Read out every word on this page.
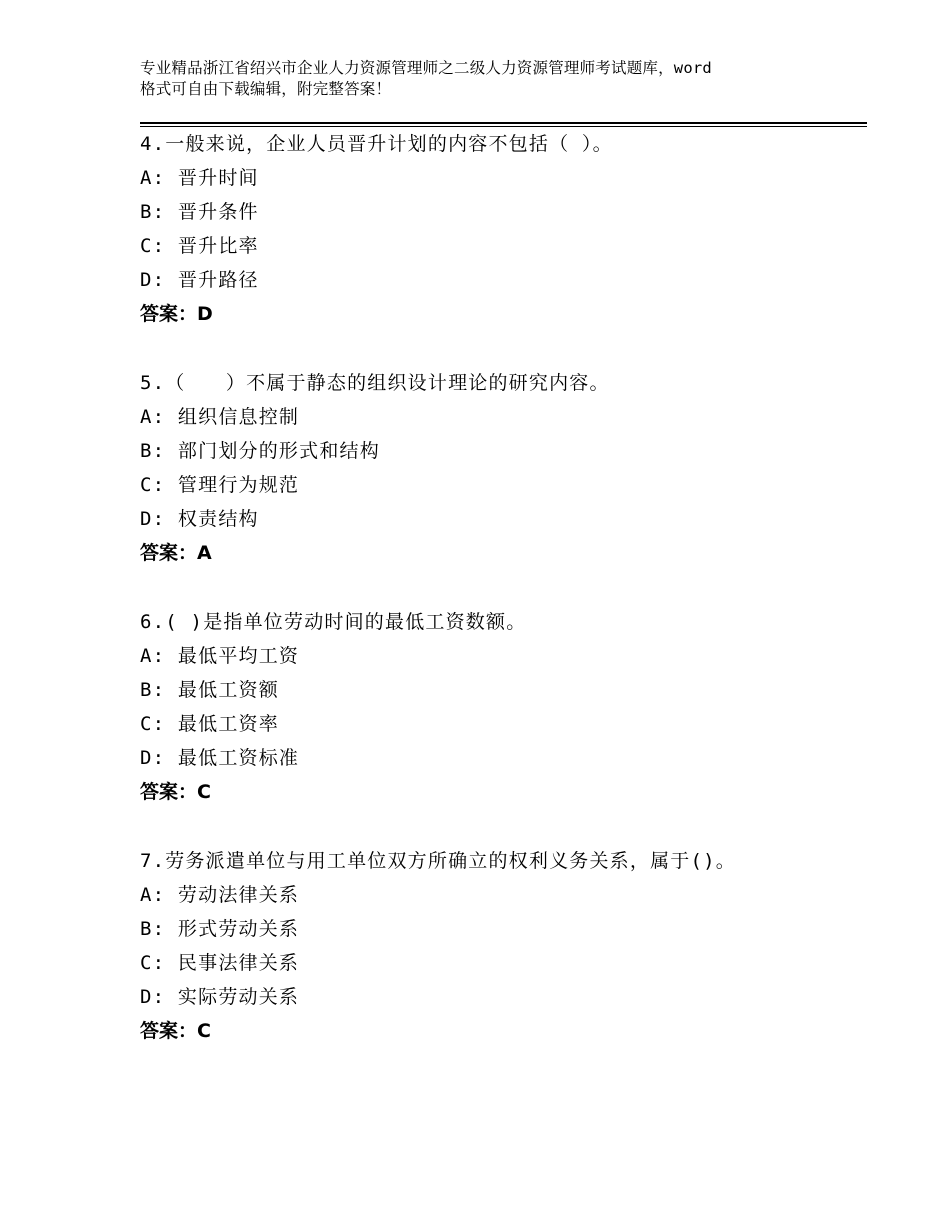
专业精品浙江省绍兴市企业人力资源管理师之二级人力资源管理师考试题库，word
格式可自由下载编辑，附完整答案！
4.一般来说，企业人员晋升计划的内容不包括（ ）。
A: 晋升时间
B: 晋升条件
C: 晋升比率
D: 晋升路径
答案：D
5.（　　）不属于静态的组织设计理论的研究内容。
A: 组织信息控制
B: 部门划分的形式和结构
C: 管理行为规范
D: 权责结构
答案：A
6.( )是指单位劳动时间的最低工资数额。
A: 最低平均工资
B: 最低工资额
C: 最低工资率
D: 最低工资标准
答案：C
7.劳务派遣单位与用工单位双方所确立的权利义务关系，属于()。
A: 劳动法律关系
B: 形式劳动关系
C: 民事法律关系
D: 实际劳动关系
答案：C
